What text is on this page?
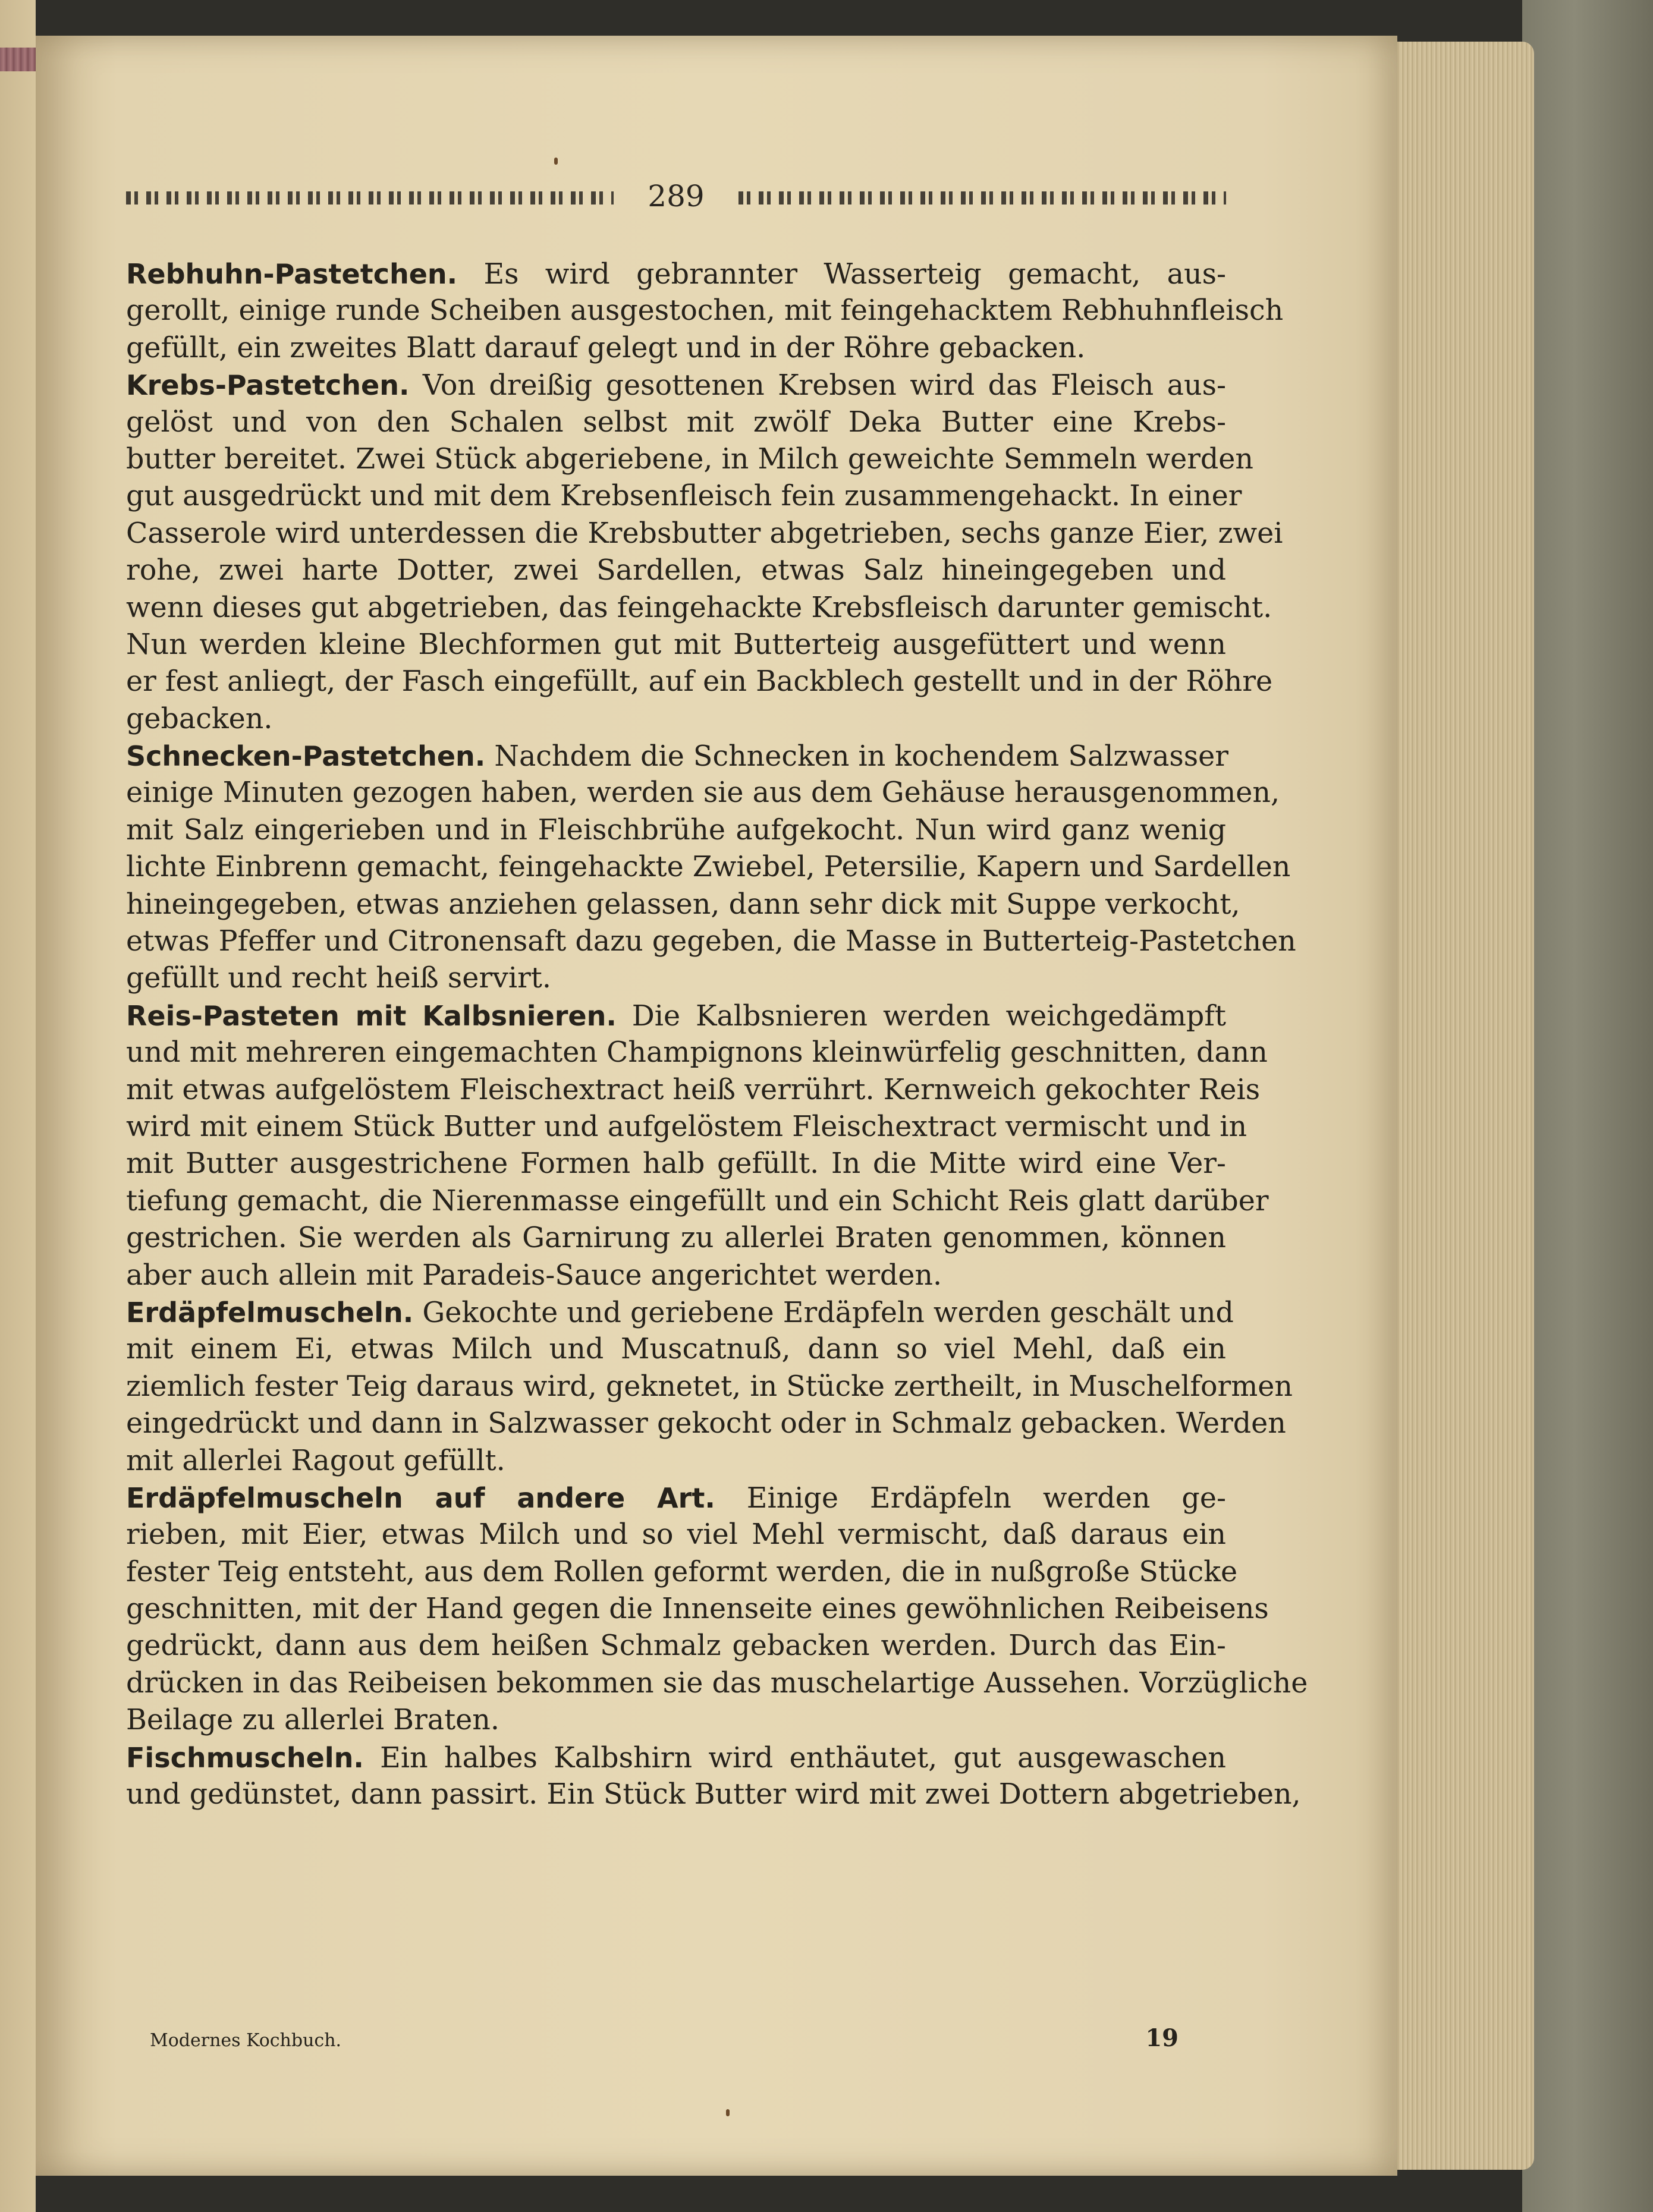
289
Rebhuhn-Pastetchen. Es wird gebrannter Wasserteig gemacht, aus-
gerollt, einige runde Scheiben ausgestochen, mit feingehacktem Rebhuhnfleisch
gefüllt, ein zweites Blatt darauf gelegt und in der Röhre gebacken.
Krebs-Pastetchen. Von dreißig gesottenen Krebsen wird das Fleisch aus-
gelöst und von den Schalen selbst mit zwölf Deka Butter eine Krebs-
butter bereitet. Zwei Stück abgeriebene, in Milch geweichte Semmeln werden
gut ausgedrückt und mit dem Krebsenfleisch fein zusammengehackt. In einer
Casserole wird unterdessen die Krebsbutter abgetrieben, sechs ganze Eier, zwei
rohe, zwei harte Dotter, zwei Sardellen, etwas Salz hineingegeben und
wenn dieses gut abgetrieben, das feingehackte Krebsfleisch darunter gemischt.
Nun werden kleine Blechformen gut mit Butterteig ausgefüttert und wenn
er fest anliegt, der Fasch eingefüllt, auf ein Backblech gestellt und in der Röhre
gebacken.
Schnecken-Pastetchen. Nachdem die Schnecken in kochendem Salzwasser
einige Minuten gezogen haben, werden sie aus dem Gehäuse herausgenommen,
mit Salz eingerieben und in Fleischbrühe aufgekocht. Nun wird ganz wenig
lichte Einbrenn gemacht, feingehackte Zwiebel, Petersilie, Kapern und Sardellen
hineingegeben, etwas anziehen gelassen, dann sehr dick mit Suppe verkocht,
etwas Pfeffer und Citronensaft dazu gegeben, die Masse in Butterteig-Pastetchen
gefüllt und recht heiß servirt.
Reis-Pasteten mit Kalbsnieren. Die Kalbsnieren werden weichgedämpft
und mit mehreren eingemachten Champignons kleinwürfelig geschnitten, dann
mit etwas aufgelöstem Fleischextract heiß verrührt. Kernweich gekochter Reis
wird mit einem Stück Butter und aufgelöstem Fleischextract vermischt und in
mit Butter ausgestrichene Formen halb gefüllt. In die Mitte wird eine Ver-
tiefung gemacht, die Nierenmasse eingefüllt und ein Schicht Reis glatt darüber
gestrichen. Sie werden als Garnirung zu allerlei Braten genommen, können
aber auch allein mit Paradeis-Sauce angerichtet werden.
Erdäpfelmuscheln. Gekochte und geriebene Erdäpfeln werden geschält und
mit einem Ei, etwas Milch und Muscatnuß, dann so viel Mehl, daß ein
ziemlich fester Teig daraus wird, geknetet, in Stücke zertheilt, in Muschelformen
eingedrückt und dann in Salzwasser gekocht oder in Schmalz gebacken. Werden
mit allerlei Ragout gefüllt.
Erdäpfelmuscheln auf andere Art. Einige Erdäpfeln werden ge-
rieben, mit Eier, etwas Milch und so viel Mehl vermischt, daß daraus ein
fester Teig entsteht, aus dem Rollen geformt werden, die in nußgroße Stücke
geschnitten, mit der Hand gegen die Innenseite eines gewöhnlichen Reibeisens
gedrückt, dann aus dem heißen Schmalz gebacken werden. Durch das Ein-
drücken in das Reibeisen bekommen sie das muschelartige Aussehen. Vorzügliche
Beilage zu allerlei Braten.
Fischmuscheln. Ein halbes Kalbshirn wird enthäutet, gut ausgewaschen
und gedünstet, dann passirt. Ein Stück Butter wird mit zwei Dottern abgetrieben,
Modernes Kochbuch.	19
